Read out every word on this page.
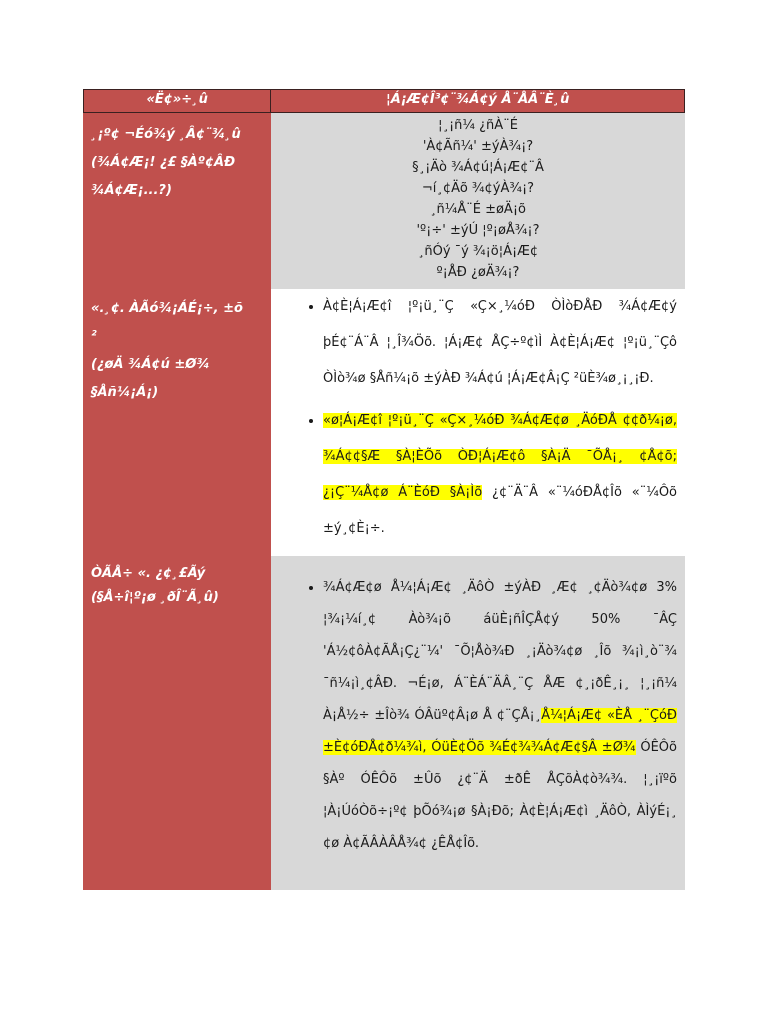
«Ë¢»÷¸û	¦Á¡Æ¢Î³¢¨¾Á¢ý Å¨ÅÂ¨È¸û
¸¡º¢ ¬Éó¾ý ¸Â¢¨¾¸û
(¾Á¢Æ¡! ¿£ §Àº¢ÂÐ
¾Á¢Æ¡...?)
¦¸¡ñ¼ ¿ñÀ¨É
'À¢Ãñ¼' ±ýÀ¾¡?
§¸¡Äò ¾Á¢ú¦Á¡Æ¢¨Â
¬í¸¢Äõ ¾¢ýÀ¾¡?
¸ñ¼Å¨É ±øÄ¡õ
'º¡÷' ±ýÚ ¦º¡øÅ¾¡?
¸ñÓý ¯ý ¾¡ö¦Á¡Æ¢
º¡ÅÐ ¿øÄ¾¡?
«.¸¢. ÀÃó¾¡ÁÉ¡÷, ±õ
²
(¿øÄ ¾Á¢ú ±Ø¾
§Åñ¼¡Á¡)
• À¢È¦Á¡Æ¢î ¦º¡ü¸¨Ç «Ç×¸¼óÐ ÒÌòÐÅÐ ¾Á¢Æ¢ý þÉ¢¨Á¨Â ¦¸Î¾Öõ. ¦Á¡Æ¢ ÅÇ÷º¢ìÌ À¢È¦Á¡Æ¢ ¦º¡ü¸¨Çô ÒÌò¾ø §Åñ¼¡õ ±ýÀÐ ¾Á¢ú ¦Á¡Æ¢Â¡Ç ²üÈ¾ø¸¡¸¡Ð.
• «ø¦Á¡Æ¢î ¦º¡ü¸¨Ç «Ç×¸¼óÐ ¾Á¢Æ¢ø ¸ÄóÐÅ ¢¢ð¼¡ø, ¾Á¢¢§Æ §À¦ÈÕõ ÒÐ¦Á¡Æ¢ô §À¡Ä ¯ÕÅ¡¸ ¢Å¢õ; ¿¡Ç¨¼Å¢ø Á¨ÈóÐ §À¡Ìõ ¿¢¨Ä¨Â «¨¼óÐÅ¢Îõ «¨¼Ôõ ±ý¸¢È¡÷.
ÒÃÅ÷ «. ¿¢¸£Ãý
(§Å÷î¦º¡ø ¸ðÎ¨Ã¸û)
• ¾Á¢Æ¢ø Å¼¦Á¡Æ¢ ¸ÄôÒ ±ýÀÐ ¸Æ¢ ¸¢Äò¾¢ø 3% ¦¾¡¼í¸¢ Àò¾¡õ áüÈ¡ñÎÇÅ¢ý 50% ¯ÂÇ 'Á½¢ôÀ¢ÃÅ¡Ç¿¨¼' ¯Õ¦Åò¾Ð ¸¡Äò¾¢ø ¸Îõ ¾¡ì¸ò¨¾ ¯ñ¼¡ì¸¢ÂÐ. ¬É¡ø, Á¨ÈÁ¨ÄÂ¸¨Ç ÅÆ ¢¸¡ðÊ¸¡¸ ¦¸¡ñ¼ À¡Å½÷ ±Îò¾ ÓÂüº¢Â¡ø Å ¢¨ÇÅ¡¸Å¼¦Á¡Æ¢ «ÈÅ ¸¨ÇóÐ ±È¢óÐÅ¢ð¼¾ì, ÓüÈ¢Öõ ¾É¢¾¾Á¢Æ¢§Â ±Ø¾ ÓÊÔõ §Àº ÓÊÔõ ±Ûõ ¿¢¨Ä ±ðÊ ÅÇõÀ¢ò¾¾. ¦¸¡ïºõ ¦À¡ÚóÒõ÷¡º¢ þÕó¾¡ø §À¡Ðõ; À¢È¦Á¡Æ¢ì ¸ÄôÒ, ÀÌýÉ¡¸ ¢ø À¢ÃÂÀÂÅ¾¢ ¿ÊÅ¢Îõ.
